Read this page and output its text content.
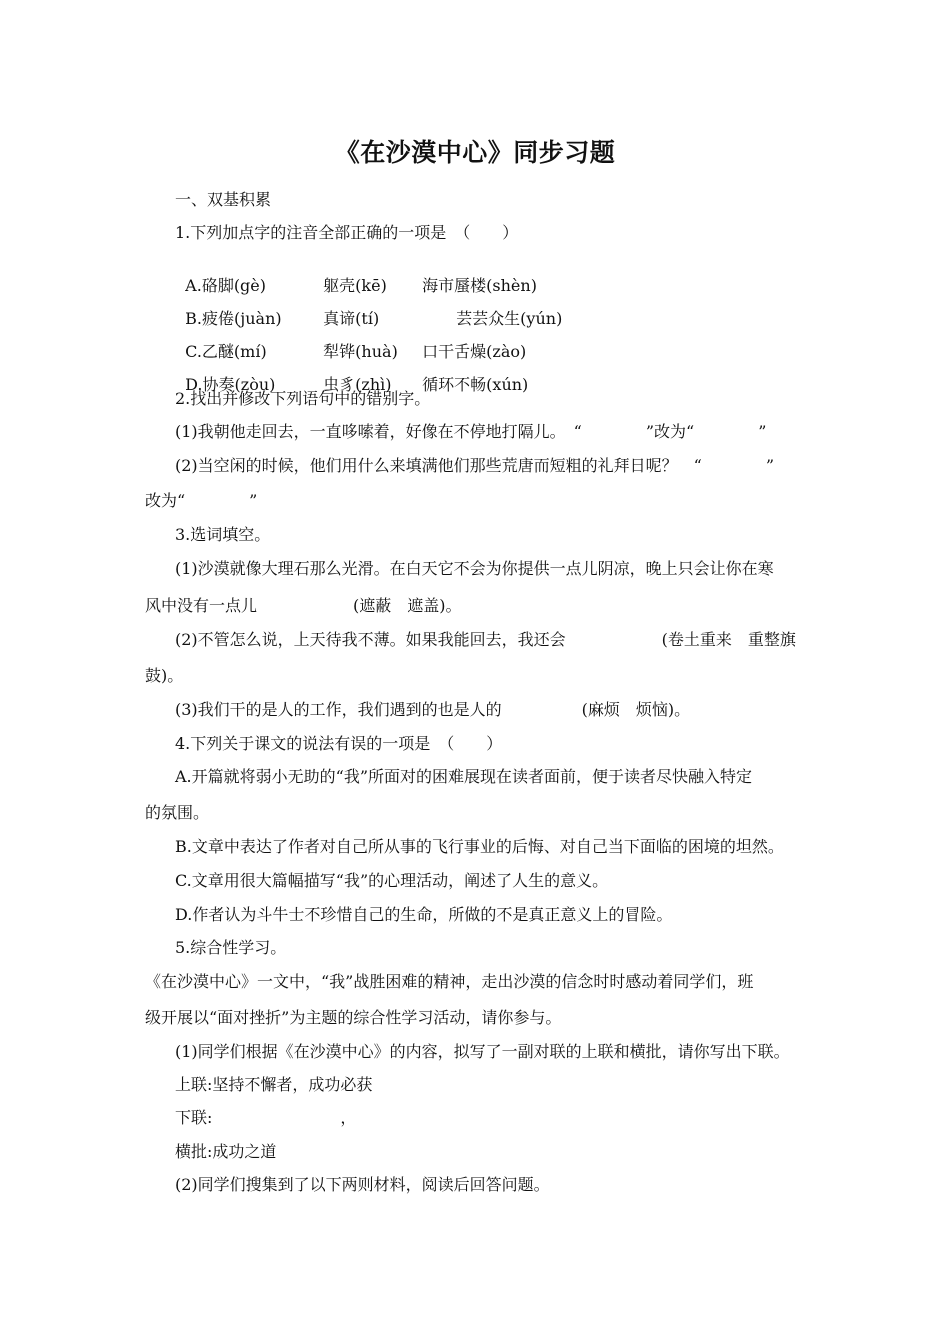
《在沙漠中心》同步习题
一、双基积累
1.下列加点字的注音全部正确的一项是　（　　）

A.硌脚(gè)	躯壳(kē) 海市蜃楼(shèn)

B.疲倦(juàn)	真谛(tí)	芸芸众生(yún)

C.乙醚(mí)	犁铧(huà) 口干舌燥(zào)

D.协奏(zòu)	虫豸(zhì) 循环不畅(xún)

2.找出并修改下列语句中的错别字。
(1)我朝他走回去，一直哆嗦着，好像在不停地打隔儿。　“　　　　”改为“　　　　”
(2)当空闲的时候，他们用什么来填满他们那些荒唐而短粗的礼拜日呢？　“　　　　”
改为“　　　　”
3.选词填空。
(1)沙漠就像大理石那么光滑。在白天它不会为你提供一点儿阴凉，晚上只会让你在寒
风中没有一点儿　　　　　　(遮蔽　遮盖)。
(2)不管怎么说，上天待我不薄。如果我能回去，我还会　　　　　　(卷土重来　重整旗
鼓)。
(3)我们干的是人的工作，我们遇到的也是人的　　　　　(麻烦　烦恼)。
4.下列关于课文的说法有误的一项是　（　　）
A.开篇就将弱小无助的“我”所面对的困难展现在读者面前，便于读者尽快融入特定
的氛围。
B.文章中表达了作者对自己所从事的飞行事业的后悔、对自己当下面临的困境的坦然。
C.文章用很大篇幅描写“我”的心理活动，阐述了人生的意义。
D.作者认为斗牛士不珍惜自己的生命，所做的不是真正意义上的冒险。
5.综合性学习。
《在沙漠中心》一文中，“我”战胜困难的精神，走出沙漠的信念时时感动着同学们，班
级开展以“面对挫折”为主题的综合性学习活动，请你参与。
(1)同学们根据《在沙漠中心》的内容，拟写了一副对联的上联和横批，请你写出下联。
上联:坚持不懈者，成功必获
下联:　　　　　　　　，
横批:成功之道
(2)同学们搜集到了以下两则材料，阅读后回答问题。
